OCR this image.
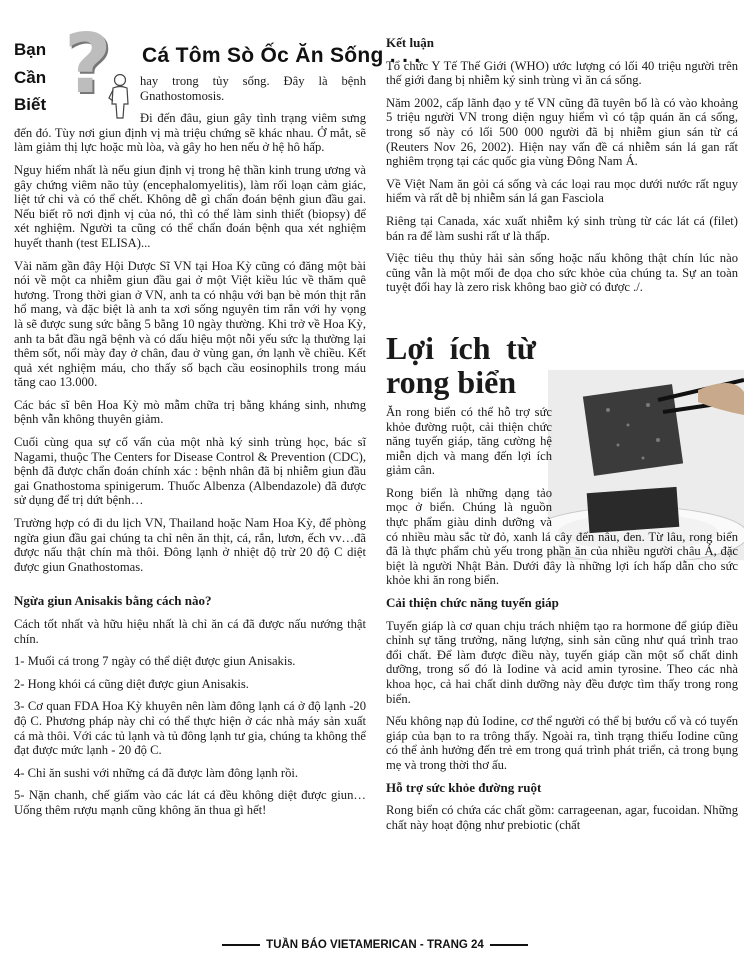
?
Bạn
Cần
Biết
Cá Tôm Sò Ốc Ăn Sống . . .

hay trong tủy sống. Đây là bệnh Gnathostomosis.

Đi đến đâu, giun gây tình trạng viêm sưng đến đó. Tùy nơi giun định vị mà triệu chứng sẽ khác nhau. Ở mắt, sẽ làm giảm thị lực hoặc mù lòa, và gây ho hen nếu ở hệ hô hấp.

Nguy hiểm nhất là nếu giun định vị trong hệ thần kinh trung ương và gây chứng viêm não tủy (encephalomyelitis), làm rối loạn cảm giác, liệt tứ chi và có thể chết. Không dễ gì chẩn đoán bệnh giun đầu gai. Nếu biết rõ nơi định vị của nó, thì có thể làm sinh thiết (biopsy) để xét nghiệm. Người ta cũng có thể chẩn đoán bệnh qua xét nghiệm huyết thanh (test ELISA)...

Vài năm gần đây Hội Dược Sĩ VN tại Hoa Kỳ cũng có đăng một bài nói về một ca nhiễm giun đầu gai ở một Việt kiều lúc về thăm quê hương. Trong thời gian ở VN, anh ta có nhậu với bạn bè món thịt rắn hổ mang, và đặc biệt là anh ta xơi sống nguyên tim rắn với hy vọng là sẽ được sung sức bằng 5 bằng 10 ngày thường. Khi trở về Hoa Kỳ, anh ta bắt đầu ngã bệnh và có dấu hiệu một nỗi yếu sức lạ thường lại thêm sốt, nổi mày đay ở chân, đau ở vùng gan, ớn lạnh về chiều. Kết quả xét nghiệm máu, cho thấy số bạch cầu eosinophils trong máu tăng cao 13.000.

Các bác sĩ bên Hoa Kỳ mò mẫm chữa trị bằng kháng sinh, nhưng bệnh vẫn không thuyên giảm.

Cuối cùng qua sự cố vấn của một nhà ký sinh trùng học, bác sĩ Nagami, thuộc The Centers for Disease Control & Prevention (CDC), bệnh đã được chẩn đoán chính xác : bệnh nhân đã bị nhiễm giun đầu gai Gnathostoma spinigerum. Thuốc Albenza (Albendazole) đã được sử dụng để trị dứt bệnh…

Trường hợp có đi du lịch VN, Thailand hoặc Nam Hoa Kỳ, để phòng ngừa giun đầu gai chúng ta chỉ nên ăn thịt, cá, rắn, lươn, ếch vv…đã được nấu thật chín mà thôi. Đông lạnh ở nhiệt độ trừ 20 độ C diệt được giun Gnathostomas.

Ngừa giun Anisakis bằng cách nào?

Cách tốt nhất và hữu hiệu nhất là chỉ ăn cá đã được nấu nướng thật chín.

1- Muối cá trong 7 ngày có thể diệt được giun Anisakis.

2- Hong khói cá cũng diệt được giun Anisakis.

3- Cơ quan FDA Hoa Kỳ khuyên nên làm đông lạnh cá ở độ lạnh -20 độ C. Phương pháp này chỉ có thể thực hiện ở các nhà máy sản xuất cá mà thôi. Với các tủ lạnh và tủ đông lạnh tư gia, chúng ta không thể đạt được mức lạnh - 20 độ C.

4- Chỉ ăn sushi với những cá đã được làm đông lạnh rồi.

5- Nặn chanh, chế giấm vào các lát cá đều không diệt được giun… Uống thêm rượu mạnh cũng không ăn thua gì hết!

Kết luận

Tổ chức Y Tế Thế Giới (WHO) ước lượng có lối 40 triệu người trên thế giới đang bị nhiễm ký sinh trùng vì ăn cá sống.

Năm 2002, cấp lãnh đạo y tế VN cũng đã tuyên bố là có vào khoảng 5 triệu người VN trong diện nguy hiểm vì có tập quán ăn cá sống, trong số này có lối 500 000 người đã bị nhiễm giun sán từ cá (Reuters Nov 26, 2002). Hiện nay vấn đề cá nhiễm sán lá gan rất nghiêm trọng tại các quốc gia vùng Đông Nam Á.

Về Việt Nam ăn gỏi cá sống và các loại rau mọc dưới nước rất nguy hiểm và rất dễ bị nhiễm sán lá gan Fasciola

Riêng tại Canada, xác xuất nhiễm ký sinh trùng từ các lát cá (filet) bán ra để làm sushi rất ư là thấp.

Việc tiêu thụ thủy hải sản sống hoặc nấu không thật chín lúc nào cũng vẫn là một mối đe dọa cho sức khỏe của chúng ta. Sự an toàn tuyệt đối hay là zero risk không bao giờ có được ./.

Lợi ích từ rong biển

Ăn rong biển có thể hỗ trợ sức khỏe đường ruột, cải thiện chức năng tuyến giáp, tăng cường hệ miễn dịch và mang đến lợi ích giảm cân.

Rong biển là những dạng tảo mọc ở biển. Chúng là nguồn thực phẩm giàu dinh dưỡng và có nhiều màu sắc từ đỏ, xanh lá cây đến nâu, đen. Từ lâu, rong biển đã là thực phẩm chủ yếu trong phần ăn của nhiều người châu Á, đặc biệt là người Nhật Bản. Dưới đây là những lợi ích hấp dẫn cho sức khỏe khi ăn rong biển.

Cải thiện chức năng tuyến giáp

Tuyến giáp là cơ quan chịu trách nhiệm tạo ra hormone để giúp điều chỉnh sự tăng trưởng, năng lượng, sinh sản cũng như quá trình trao đổi chất. Để làm được điều này, tuyến giáp cần một số chất dinh dưỡng, trong số đó là Iodine và acid amin tyrosine. Theo các nhà khoa học, cả hai chất dinh dưỡng này đều được tìm thấy trong rong biển.

Nếu không nạp đủ Iodine, cơ thể người có thể bị bướu cổ và có tuyến giáp của bạn to ra trông thấy. Ngoài ra, tình trạng thiếu Iodine cũng có thể ảnh hưởng đến trẻ em trong quá trình phát triển, cả trong bụng mẹ và trong thời thơ ấu.

Hỗ trợ sức khỏe đường ruột

Rong biển có chứa các chất gồm: carrageenan, agar, fucoidan. Những chất này hoạt động như prebiotic (chất

TUẦN BÁO VIETAMERICAN - TRANG 24
